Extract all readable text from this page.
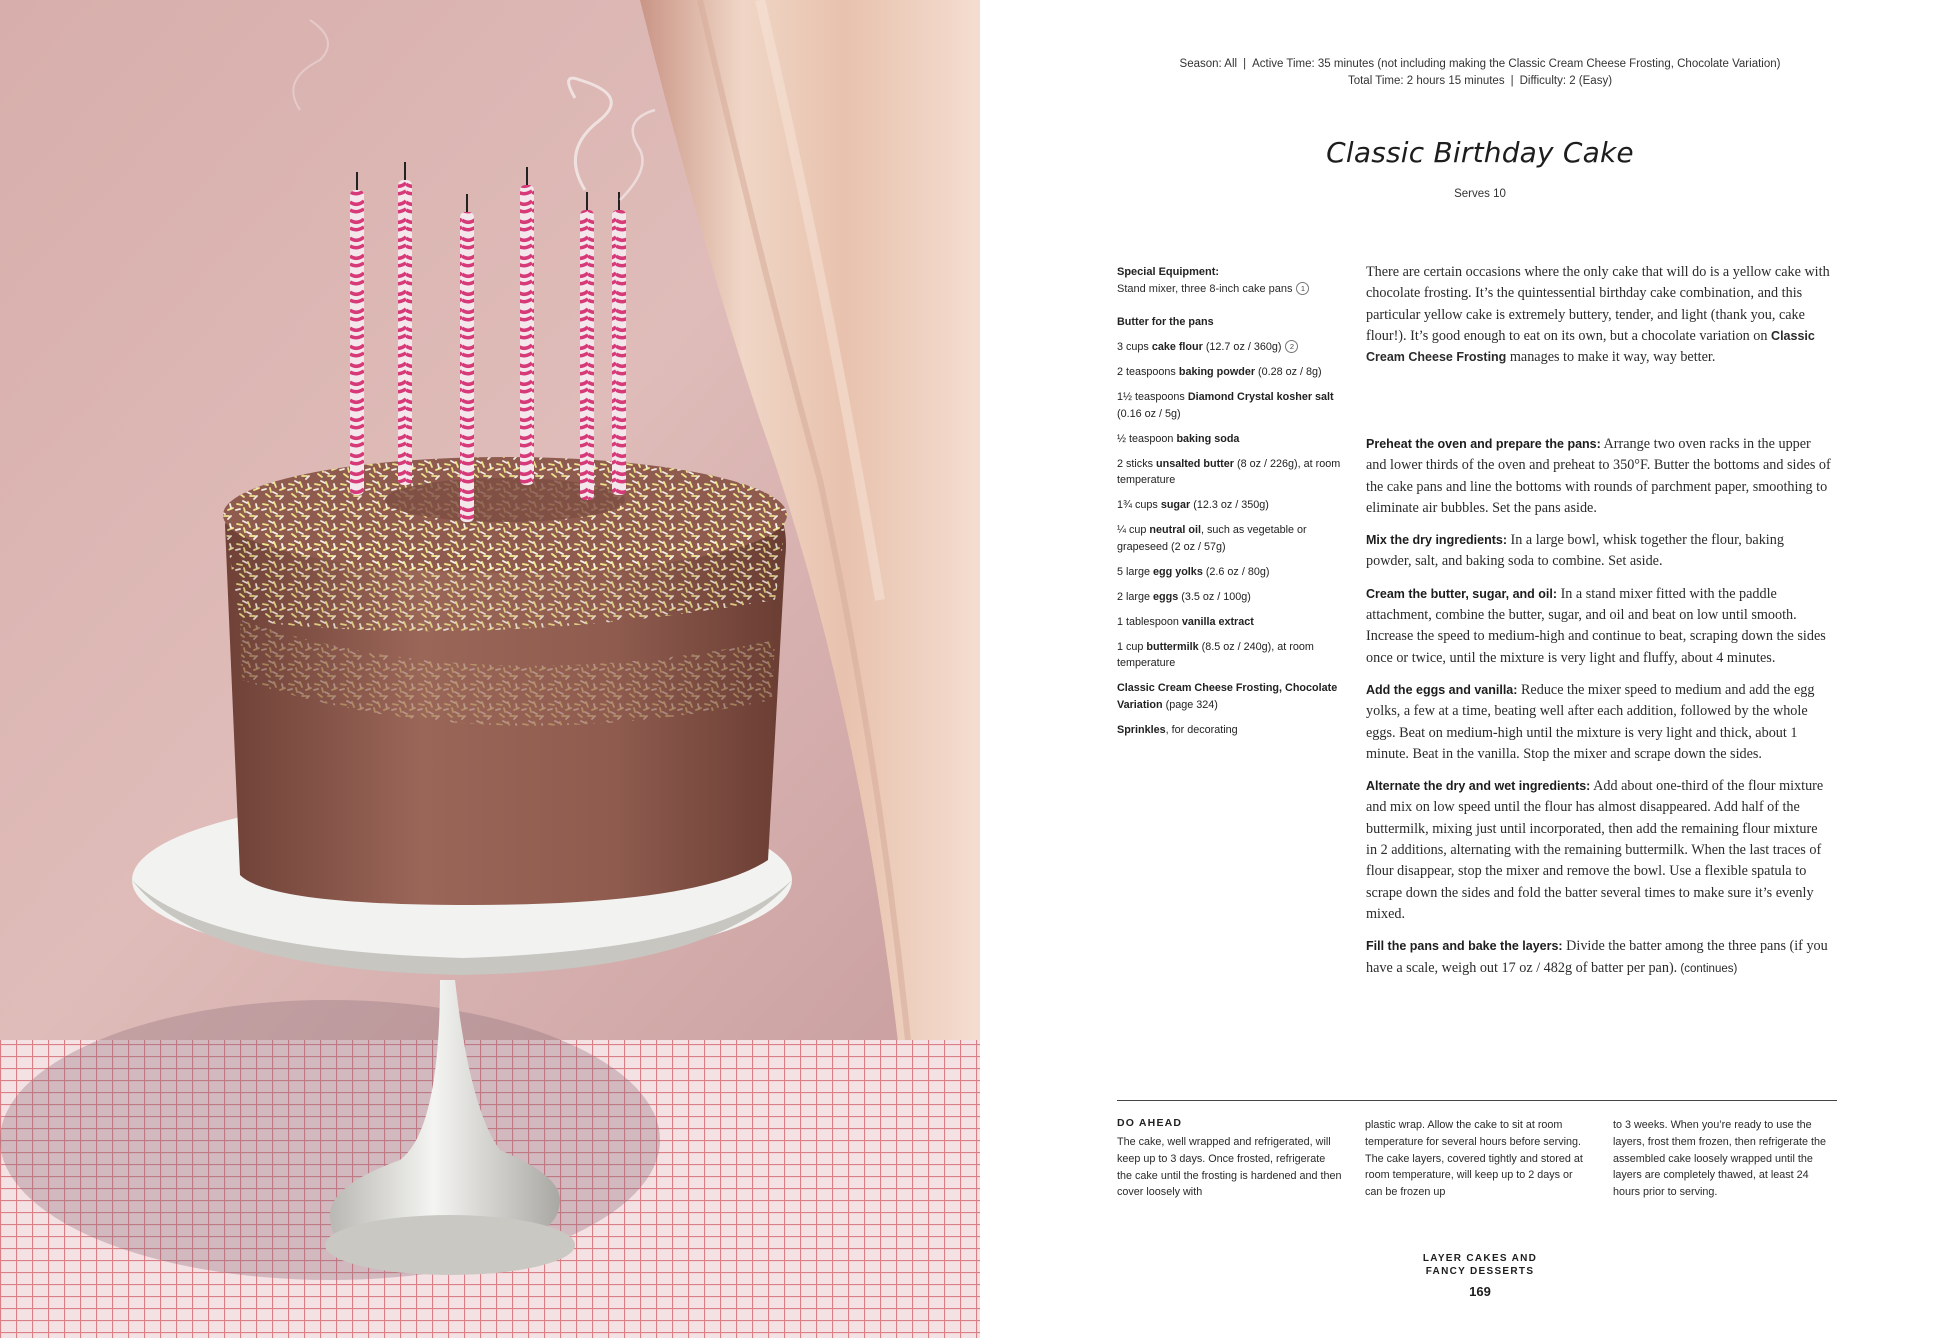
Season: All | Active Time: 35 minutes (not including making the Classic Cream Cheese Frosting, Chocolate Variation)
Total Time: 2 hours 15 minutes | Difficulty: 2 (Easy)
Classic Birthday Cake
Serves 10
Special Equipment:
Stand mixer, three 8-inch cake pans 1
Butter for the pans
3 cups cake flour (12.7 oz / 360g) 2
2 teaspoons baking powder (0.28 oz / 8g)
1½ teaspoons Diamond Crystal kosher salt (0.16 oz / 5g)
½ teaspoon baking soda
2 sticks unsalted butter (8 oz / 226g), at room temperature
1¾ cups sugar (12.3 oz / 350g)
¼ cup neutral oil, such as vegetable or grapeseed (2 oz / 57g)
5 large egg yolks (2.6 oz / 80g)
2 large eggs (3.5 oz / 100g)
1 tablespoon vanilla extract
1 cup buttermilk (8.5 oz / 240g), at room temperature
Classic Cream Cheese Frosting, Chocolate Variation (page 324)
Sprinkles, for decorating

There are certain occasions where the only cake that will do is a yellow cake with chocolate frosting. It’s the quintessential birthday cake combination, and this particular yellow cake is extremely buttery, tender, and light (thank you, cake flour!). It’s good enough to eat on its own, but a chocolate variation on Classic Cream Cheese Frosting manages to make it way, way better.

Preheat the oven and prepare the pans: Arrange two oven racks in the upper and lower thirds of the oven and preheat to 350°F. Butter the bottoms and sides of the cake pans and line the bottoms with rounds of parchment paper, smoothing to eliminate air bubbles. Set the pans aside.

Mix the dry ingredients: In a large bowl, whisk together the flour, baking powder, salt, and baking soda to combine. Set aside.

Cream the butter, sugar, and oil: In a stand mixer fitted with the paddle attachment, combine the butter, sugar, and oil and beat on low until smooth. Increase the speed to medium-high and continue to beat, scraping down the sides once or twice, until the mixture is very light and fluffy, about 4 minutes.

Add the eggs and vanilla: Reduce the mixer speed to medium and add the egg yolks, a few at a time, beating well after each addition, followed by the whole eggs. Beat on medium-high until the mixture is very light and thick, about 1 minute. Beat in the vanilla. Stop the mixer and scrape down the sides.

Alternate the dry and wet ingredients: Add about one-third of the flour mixture and mix on low speed until the flour has almost disappeared. Add half of the buttermilk, mixing just until incorporated, then add the remaining flour mixture in 2 additions, alternating with the remaining buttermilk. When the last traces of flour disappear, stop the mixer and remove the bowl. Use a flexible spatula to scrape down the sides and fold the batter several times to make sure it’s evenly mixed.

Fill the pans and bake the layers: Divide the batter among the three pans (if you have a scale, weigh out 17 oz / 482g of batter per pan). (continues)

DO AHEAD
The cake, well wrapped and refrigerated, will keep up to 3 days. Once frosted, refrigerate the cake until the frosting is hardened and then cover loosely with
plastic wrap. Allow the cake to sit at room temperature for several hours before serving. The cake layers, covered tightly and stored at room temperature, will keep up to 2 days or can be frozen up
to 3 weeks. When you’re ready to use the layers, frost them frozen, then refrigerate the assembled cake loosely wrapped until the layers are completely thawed, at least 24 hours prior to serving.
LAYER CAKES AND
FANCY DESSERTS
169
